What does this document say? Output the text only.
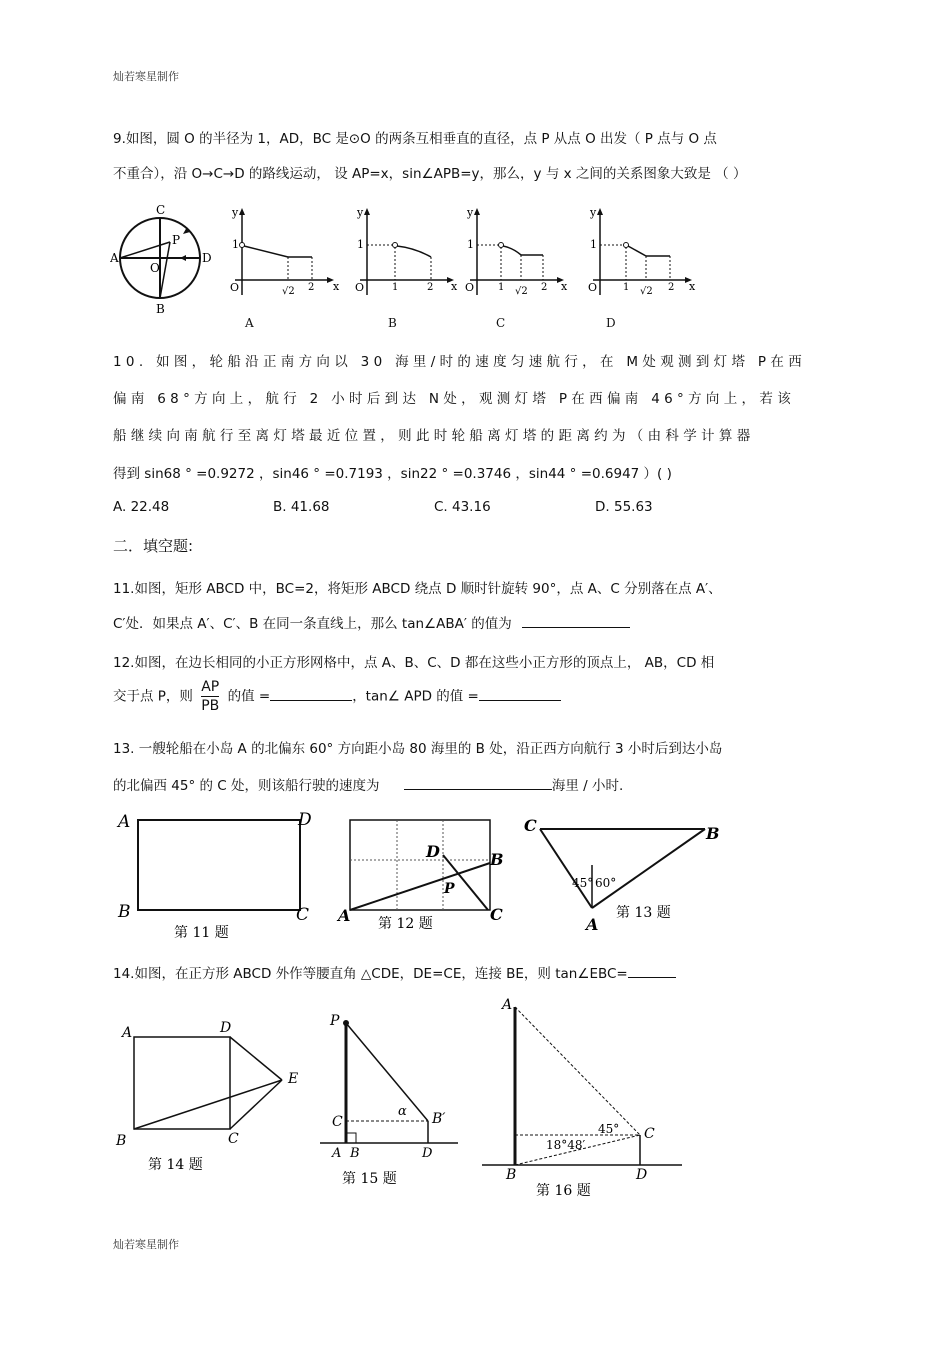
灿若寒星制作
灿若寒星制作
9.如图，圆 O 的半径为 1，AD，BC 是⊙O 的两条互相垂直的直径，点 P 从点 O 出发（ P 点与 O 点
不重合），沿 O→C→D 的路线运动， 设 AP=x，sin∠APB=y，那么，y 与 x 之间的关系图象大致是 （ ）
C
P
A
O
D
B
y
x
1
O	√2 2
y
x
1
O	1	2
y
x
1
O 1 √2 2
y
x
1
O	1 √2 2
A	B	C	D
10. 如图，轮船沿正南方向以 30 海里/时的速度匀速航行，在 M处观测到灯塔 P在西
偏南 68°方向上，航行 2 小时后到达 N处，观测灯塔 P在西偏南 46°方向上，若该
船继续向南航行至离灯塔最近位置，则此时轮船离灯塔的距离约为（由科学计算器
得到 sin68 ° =0.9272 ，sin46 ° =0.7193 ，sin22 ° =0.3746 ，sin44 ° =0.6947 ）( )
A. 22.48	B. 41.68	C. 43.16	D. 55.63
二．填空题:
11.如图，矩形 ABCD 中，BC=2，将矩形 ABCD 绕点 D 顺时针旋转 90°，点 A、C 分别落在点 A′、
C′处．如果点 A′、C′、B 在同一条直线上，那么 tan∠ABA′ 的值为
12.如图，在边长相同的小正方形网格中，点 A、B、C、D 都在这些小正方形的顶点上， AB，CD 相
交于点 P，则 $\frac{AP}{PB}$ 的值 =	，tan∠ APD 的值 =
13. 一艘轮船在小岛 A 的北偏东 60° 方向距小岛 80 海里的 B 处，沿正西方向航行 3 小时后到达小岛
的北偏西 45° 的 C 处，则该船行驶的速度为	海里 / 小时.
A	D
B	C
第 11 题
A
B
C
D
P
第 12 题
C	B
A
45° 60°
第 13 题
14.如图，在正方形 ABCD 外作等腰直角 △CDE，DE=CE，连接 BE，则 tan∠EBC=
A	D
E
B	C
第 14 题
P
C
α B′
A B	D
第 15 题
A
C
45°
18°48′
B	D
第 16 题
